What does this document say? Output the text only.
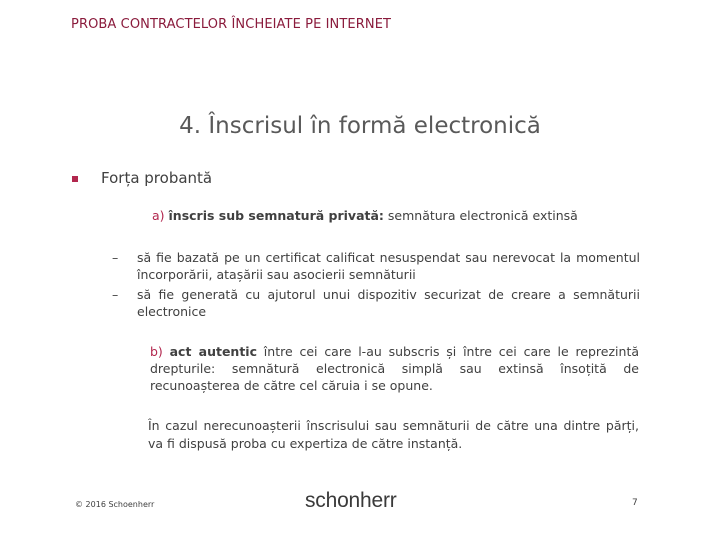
PROBA CONTRACTELOR ÎNCHEIATE PE INTERNET
4. Înscrisul în formă electronică
Forța probantă
a) înscris sub semnatură privată: semnătura electronică extinsă
– să fie bazată pe un certificat calificat nesuspendat sau nerevocat la momentul încorporării, atașării sau asocierii semnăturii
– să fie generată cu ajutorul unui dispozitiv securizat de creare a semnăturii electronice
b) act autentic între cei care l-au subscris și între cei care le reprezintă drepturile: semnătură electronică simplă sau extinsă însoțită de recunoașterea de către cel căruia i se opune.
În cazul nerecunoașterii înscrisului sau semnăturii de către una dintre părți, va fi dispusă proba cu expertiza de către instanță.
© 2016 Schoenherr	schonherr	7
